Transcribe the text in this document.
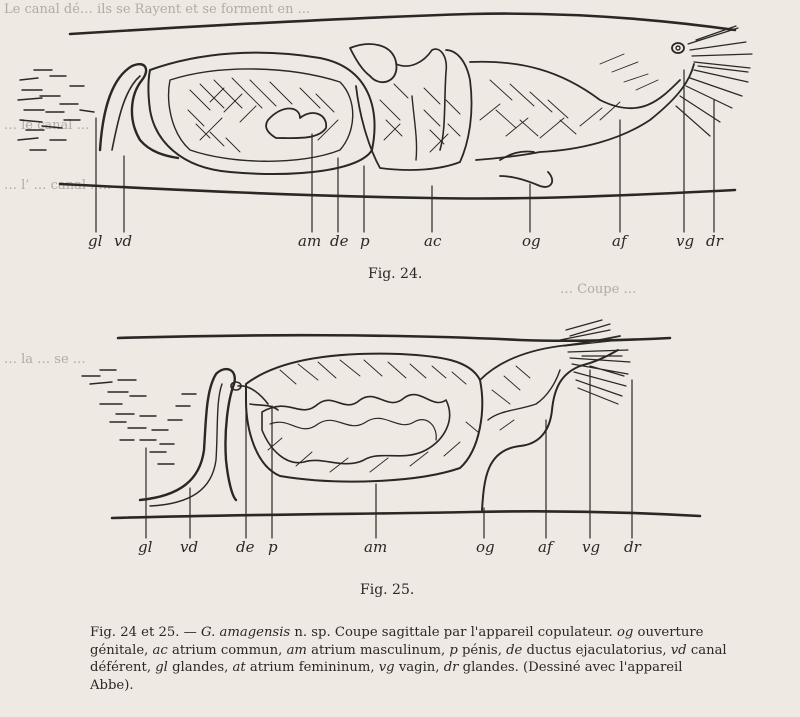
Le canal dé… ils se Rayent et se forment en ...
… le canal …
… l’ … canal . …
… la … se …
… Coupe …
gl vd	am de p	ac	og	af	vg dr
Fig. 24.
gl vd	de p	am	og	af vg dr
Fig. 25.
Fig. 24 et 25. — G. amagensis n. sp. Coupe sagittale par l'appareil copulateur. og ouverture génitale, ac atrium commun, am atrium masculinum, p pénis, de ductus ejaculatorius, vd canal déférent, gl glandes, at atrium femininum, vg vagin, dr glandes. (Dessiné avec l'appareil Abbe).
